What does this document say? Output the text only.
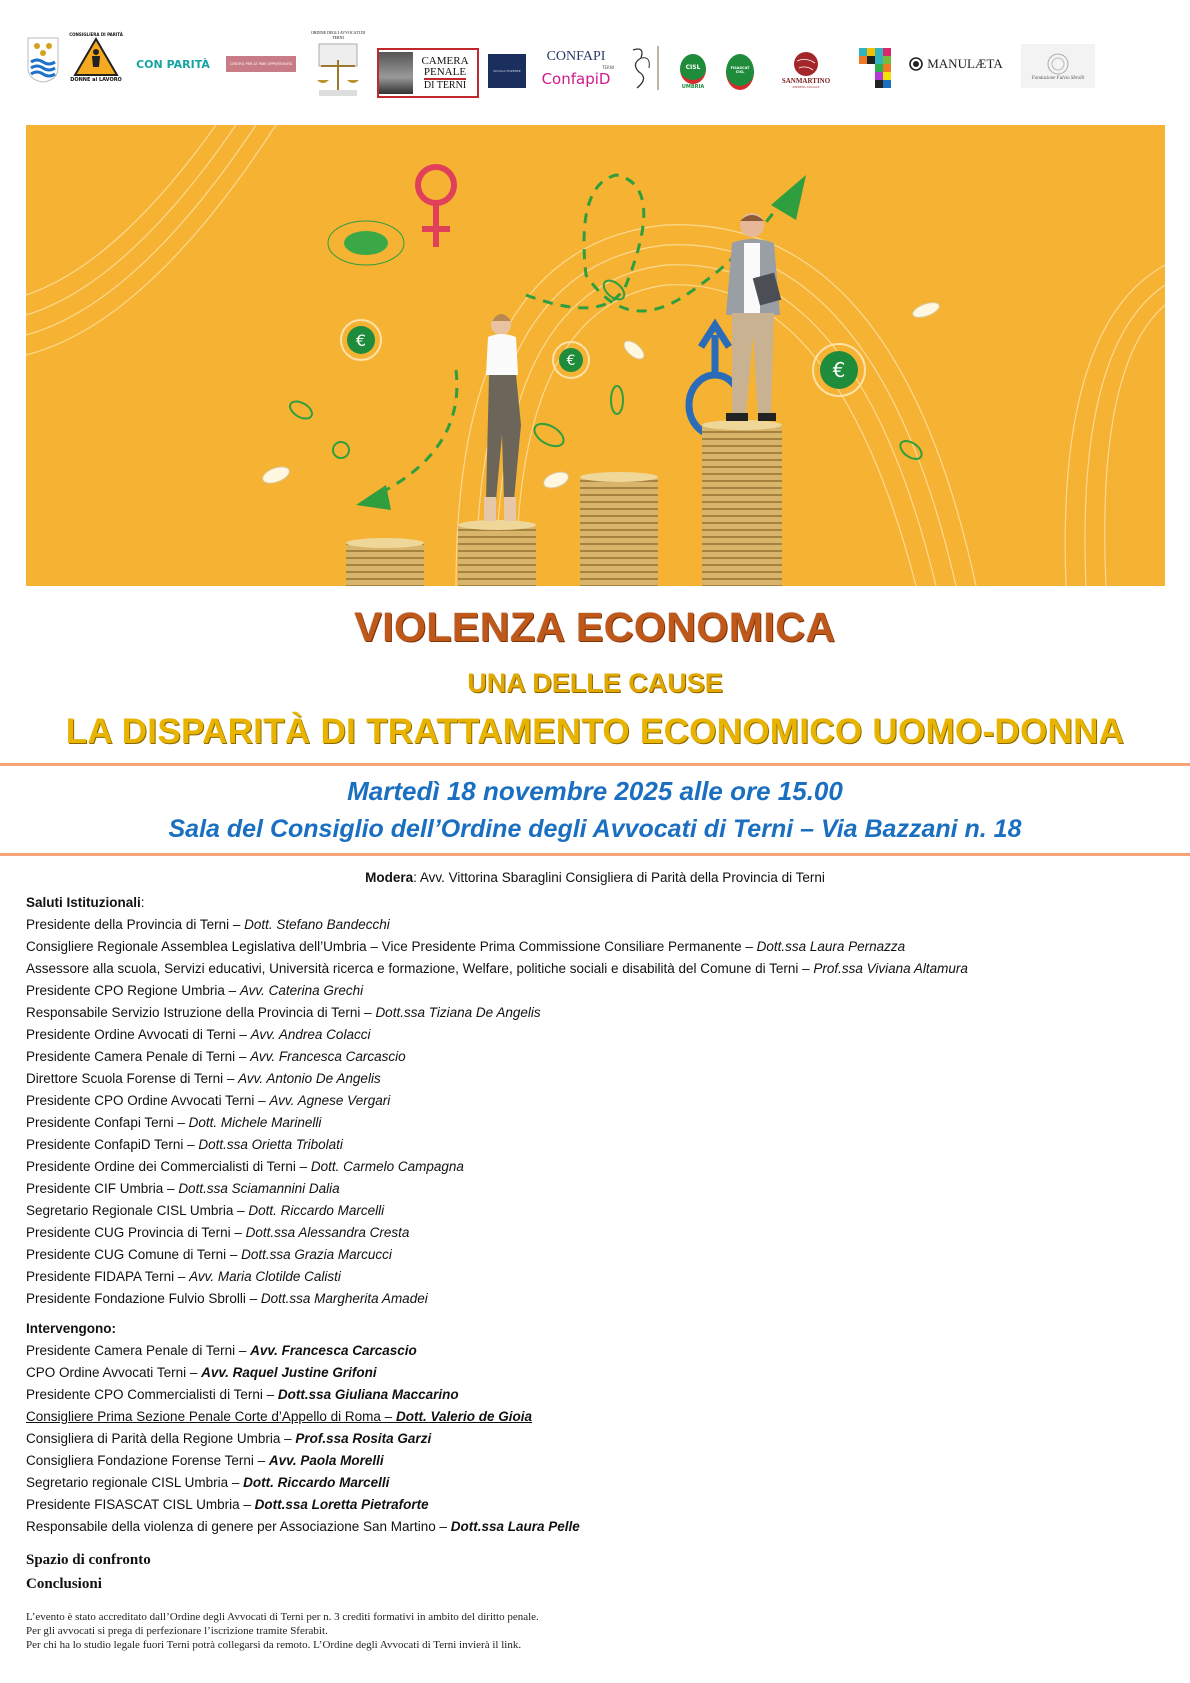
CONSIGLIERA DI PARITÀ
DONNE al LAVORO
CON PARITÀ	CENTRO PER LE PARI OPPORTUNITÀ
ORDINE DEGLI AVVOCATI DI TERNI
CAMERA
PENALE
DI TERNI
SCUOLA FORENSE
CONFAPI
TERNI
ConfapiD
CISL
UMBRIA
FISASCAT CISL
SANMARTINO
IMPRESA SOCIALE
MANULÆTA
Fondazione Fulvio Sbrolli
€
€	€
VIOLENZA ECONOMICA
UNA DELLE CAUSE
LA DISPARITÀ DI TRATTAMENTO ECONOMICO UOMO-DONNA
Martedì 18 novembre 2025 alle ore 15.00
Sala del Consiglio dell’Ordine degli Avvocati di Terni – Via Bazzani n. 18
Modera: Avv. Vittorina Sbaraglini Consigliera di Parità della Provincia di Terni
Saluti Istituzionali:
Presidente della Provincia di Terni – Dott. Stefano Bandecchi
Consigliere Regionale Assemblea Legislativa dell’Umbria – Vice Presidente Prima Commissione Consiliare Permanente – Dott.ssa Laura Pernazza
Assessore alla scuola, Servizi educativi, Università ricerca e formazione, Welfare, politiche sociali e disabilità del Comune di Terni – Prof.ssa Viviana Altamura
Presidente CPO Regione Umbria – Avv. Caterina Grechi
Responsabile Servizio Istruzione della Provincia di Terni – Dott.ssa Tiziana De Angelis
Presidente Ordine Avvocati di Terni – Avv. Andrea Colacci
Presidente Camera Penale di Terni – Avv. Francesca Carcascio
Direttore Scuola Forense di Terni – Avv. Antonio De Angelis
Presidente CPO Ordine Avvocati Terni – Avv. Agnese Vergari
Presidente Confapi Terni – Dott. Michele Marinelli
Presidente ConfapiD Terni – Dott.ssa Orietta Tribolati
Presidente Ordine dei Commercialisti di Terni – Dott. Carmelo Campagna
Presidente CIF Umbria – Dott.ssa Sciamannini Dalia
Segretario Regionale CISL Umbria – Dott. Riccardo Marcelli
Presidente CUG Provincia di Terni – Dott.ssa Alessandra Cresta
Presidente CUG Comune di Terni – Dott.ssa Grazia Marcucci
Presidente FIDAPA Terni – Avv. Maria Clotilde Calisti
Presidente Fondazione Fulvio Sbrolli – Dott.ssa Margherita Amadei
Intervengono:
Presidente Camera Penale di Terni – Avv. Francesca Carcascio
CPO Ordine Avvocati Terni – Avv. Raquel Justine Grifoni
Presidente CPO Commercialisti di Terni – Dott.ssa Giuliana Maccarino
Consigliere Prima Sezione Penale Corte d’Appello di Roma – Dott. Valerio de Gioia
Consigliera di Parità della Regione Umbria – Prof.ssa Rosita Garzi
Consigliera Fondazione Forense Terni – Avv. Paola Morelli
Segretario regionale CISL Umbria – Dott. Riccardo Marcelli
Presidente FISASCAT CISL Umbria – Dott.ssa Loretta Pietraforte
Responsabile della violenza di genere per Associazione San Martino – Dott.ssa Laura Pelle
Spazio di confronto
Conclusioni
L’evento è stato accreditato dall’Ordine degli Avvocati di Terni per n. 3 crediti formativi in ambito del diritto penale.
Per gli avvocati si prega di perfezionare l’iscrizione tramite Sferabit.
Per chi ha lo studio legale fuori Terni potrà collegarsi da remoto. L’Ordine degli Avvocati di Terni invierà il link.
